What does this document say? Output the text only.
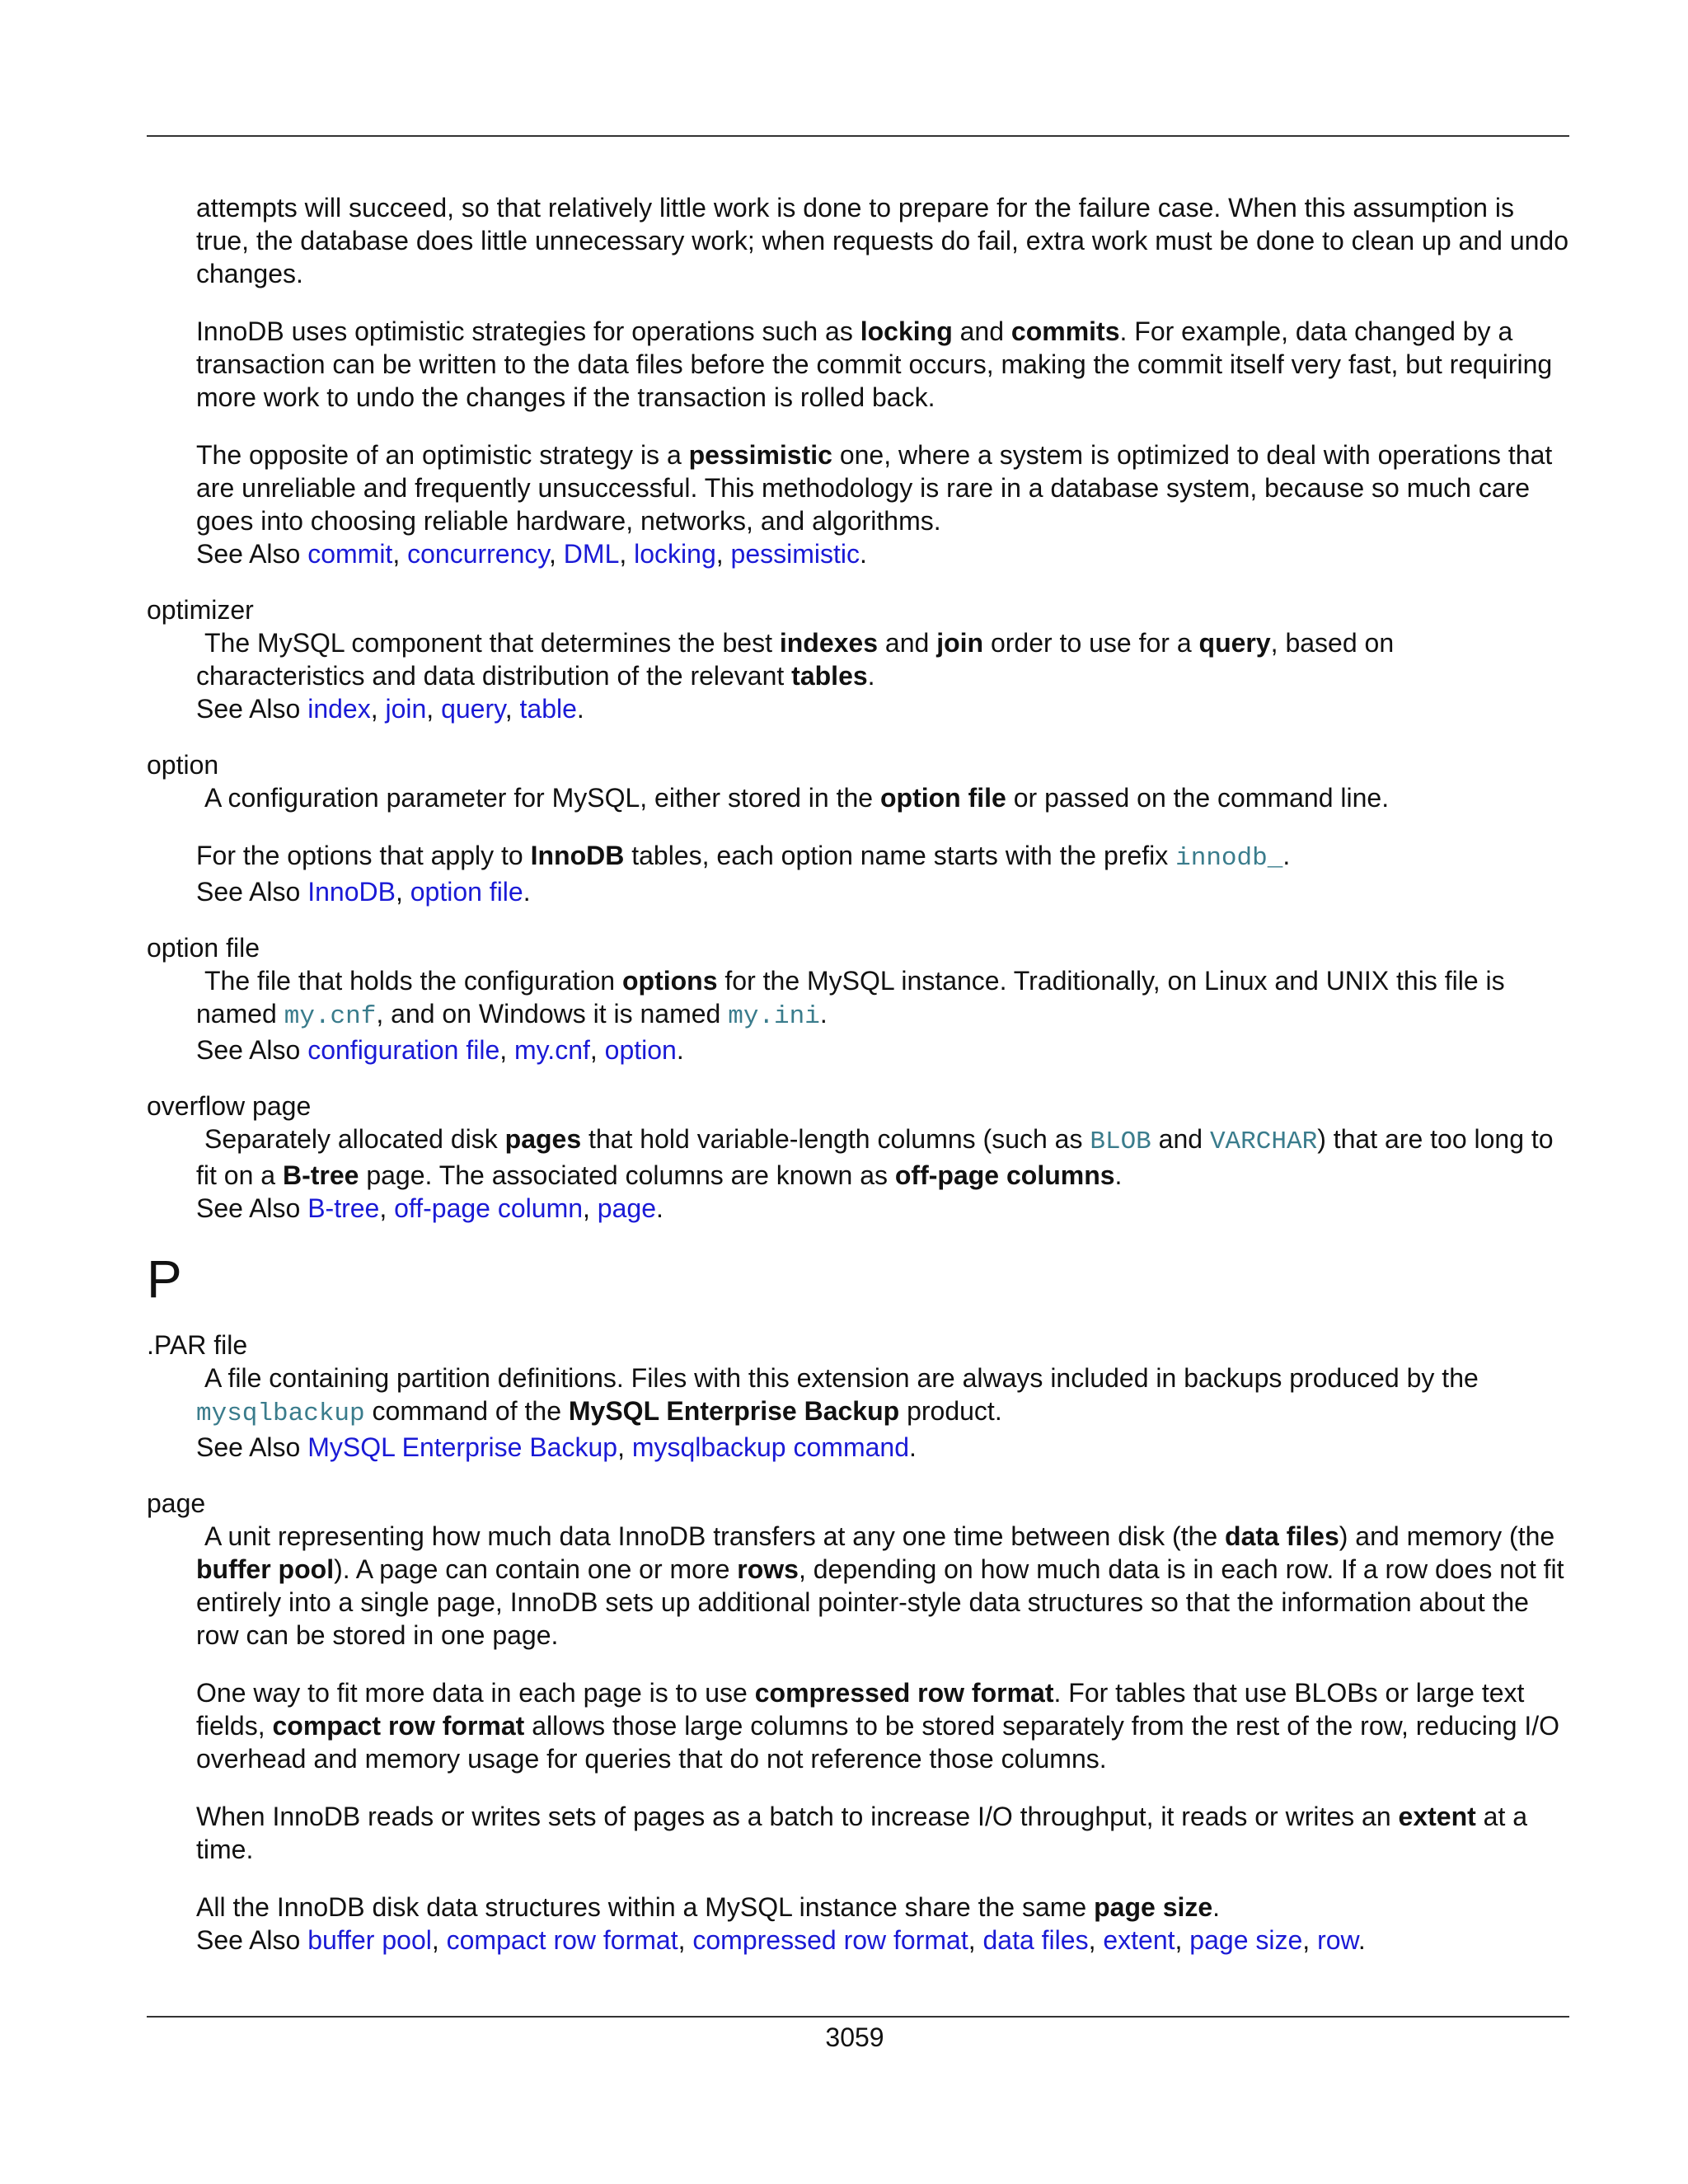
attempts will succeed, so that relatively little work is done to prepare for the failure case. When this assumption is true, the database does little unnecessary work; when requests do fail, extra work must be done to clean up and undo changes.

InnoDB uses optimistic strategies for operations such as locking and commits. For example, data changed by a transaction can be written to the data files before the commit occurs, making the commit itself very fast, but requiring more work to undo the changes if the transaction is rolled back.

The opposite of an optimistic strategy is a pessimistic one, where a system is optimized to deal with operations that are unreliable and frequently unsuccessful. This methodology is rare in a database system, because so much care goes into choosing reliable hardware, networks, and algorithms.

See Also commit, concurrency, DML, locking, pessimistic.
optimizer
The MySQL component that determines the best indexes and join order to use for a query, based on characteristics and data distribution of the relevant tables.
See Also index, join, query, table.
option
A configuration parameter for MySQL, either stored in the option file or passed on the command line.
For the options that apply to InnoDB tables, each option name starts with the prefix innodb_.
See Also InnoDB, option file.
option file
The file that holds the configuration options for the MySQL instance. Traditionally, on Linux and UNIX this file is named my.cnf, and on Windows it is named my.ini.
See Also configuration file, my.cnf, option.
overflow page
Separately allocated disk pages that hold variable-length columns (such as BLOB and VARCHAR) that are too long to fit on a B-tree page. The associated columns are known as off-page columns.
See Also B-tree, off-page column, page.
P
.PAR file
A file containing partition definitions. Files with this extension are always included in backups produced by the mysqlbackup command of the MySQL Enterprise Backup product.
See Also MySQL Enterprise Backup, mysqlbackup command.
page
A unit representing how much data InnoDB transfers at any one time between disk (the data files) and memory (the buffer pool). A page can contain one or more rows, depending on how much data is in each row. If a row does not fit entirely into a single page, InnoDB sets up additional pointer-style data structures so that the information about the row can be stored in one page.
One way to fit more data in each page is to use compressed row format. For tables that use BLOBs or large text fields, compact row format allows those large columns to be stored separately from the rest of the row, reducing I/O overhead and memory usage for queries that do not reference those columns.
When InnoDB reads or writes sets of pages as a batch to increase I/O throughput, it reads or writes an extent at a time.
All the InnoDB disk data structures within a MySQL instance share the same page size.
See Also buffer pool, compact row format, compressed row format, data files, extent, page size, row.
3059
